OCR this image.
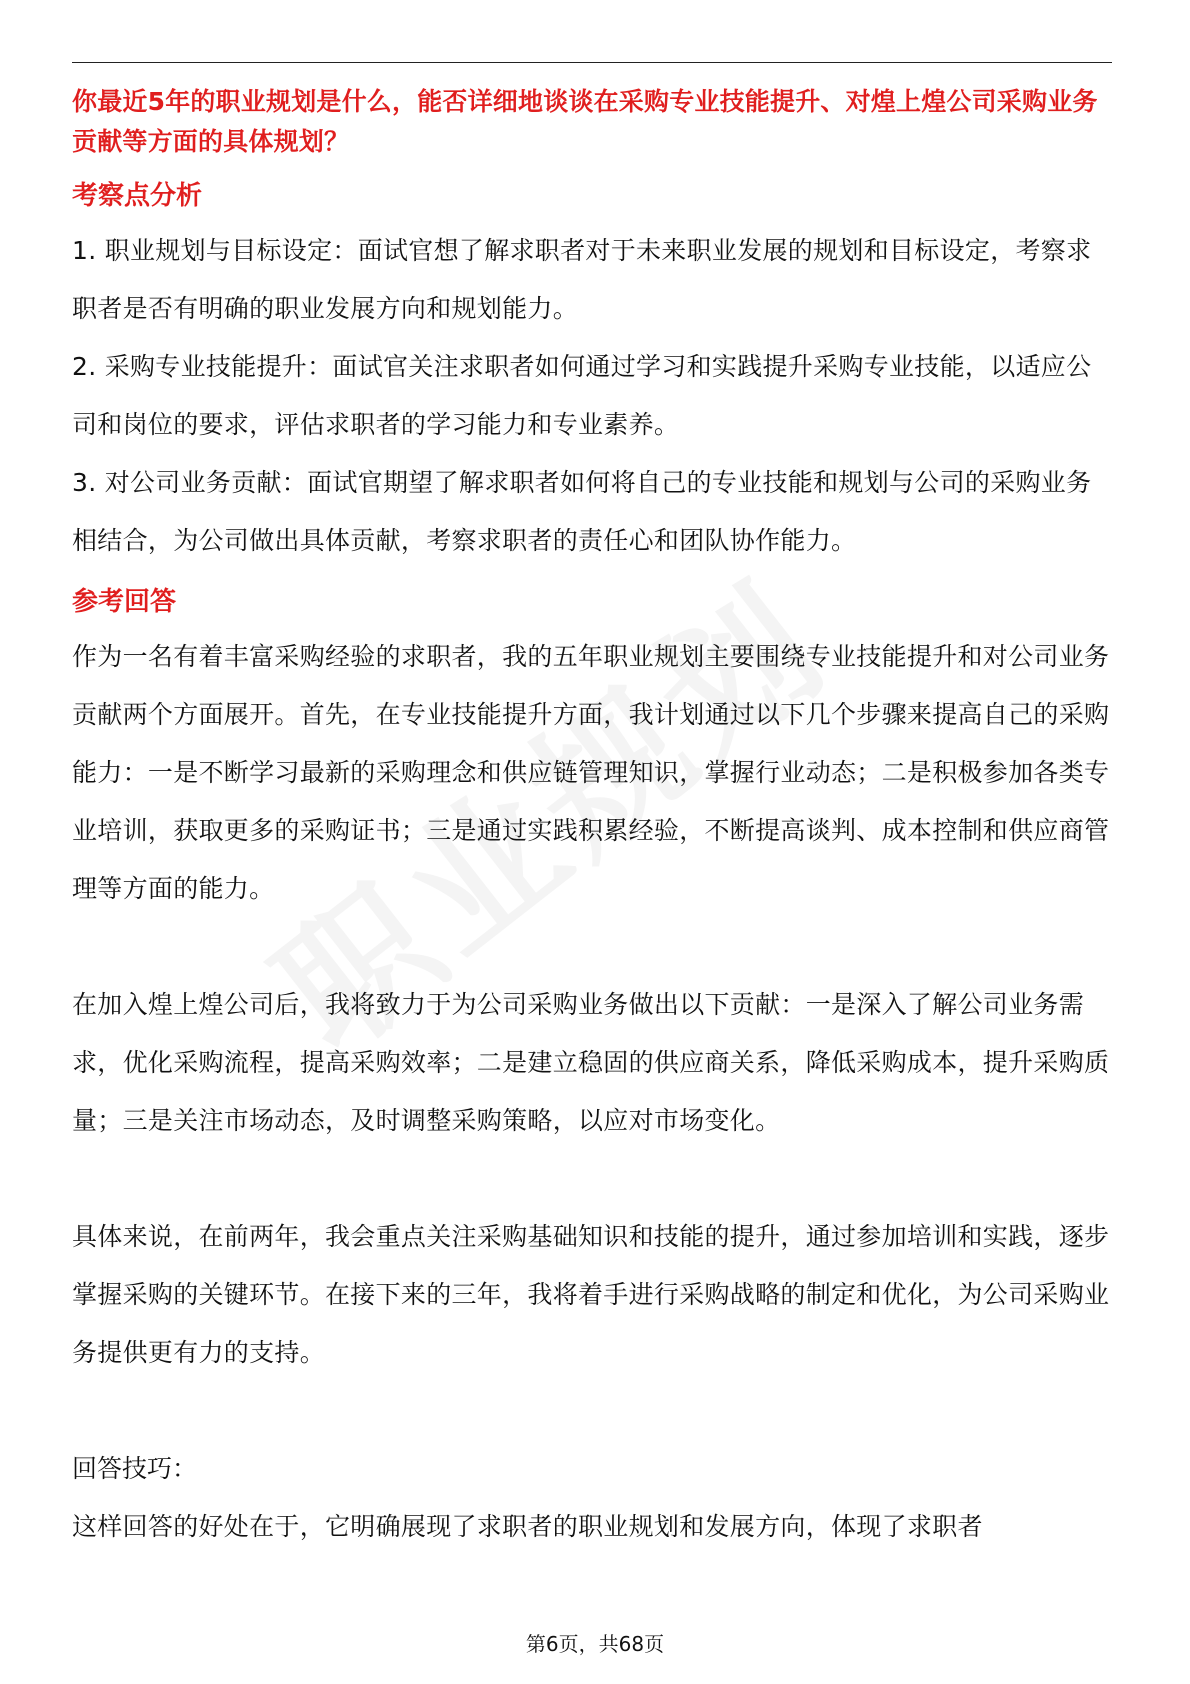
你最近5年的职业规划是什么，能否详细地谈谈在采购专业技能提升、对煌上煌公司采购业务贡献等方面的具体规划？

考察点分析

1. 职业规划与目标设定：面试官想了解求职者对于未来职业发展的规划和目标设定，考察求职者是否有明确的职业发展方向和规划能力。

2. 采购专业技能提升：面试官关注求职者如何通过学习和实践提升采购专业技能，以适应公司和岗位的要求，评估求职者的学习能力和专业素养。

3. 对公司业务贡献：面试官期望了解求职者如何将自己的专业技能和规划与公司的采购业务相结合，为公司做出具体贡献，考察求职者的责任心和团队协作能力。

参考回答

作为一名有着丰富采购经验的求职者，我的五年职业规划主要围绕专业技能提升和对公司业务贡献两个方面展开。首先，在专业技能提升方面，我计划通过以下几个步骤来提高自己的采购能力：一是不断学习最新的采购理念和供应链管理知识，掌握行业动态；二是积极参加各类专业培训，获取更多的采购证书；三是通过实践积累经验，不断提高谈判、成本控制和供应商管理等方面的能力。

在加入煌上煌公司后，我将致力于为公司采购业务做出以下贡献：一是深入了解公司业务需求，优化采购流程，提高采购效率；二是建立稳固的供应商关系，降低采购成本，提升采购质量；三是关注市场动态，及时调整采购策略，以应对市场变化。

具体来说，在前两年，我会重点关注采购基础知识和技能的提升，通过参加培训和实践，逐步掌握采购的关键环节。在接下来的三年，我将着手进行采购战略的制定和优化，为公司采购业务提供更有力的支持。

回答技巧：

这样回答的好处在于，它明确展现了求职者的职业规划和发展方向，体现了求职者

第6页，共68页
